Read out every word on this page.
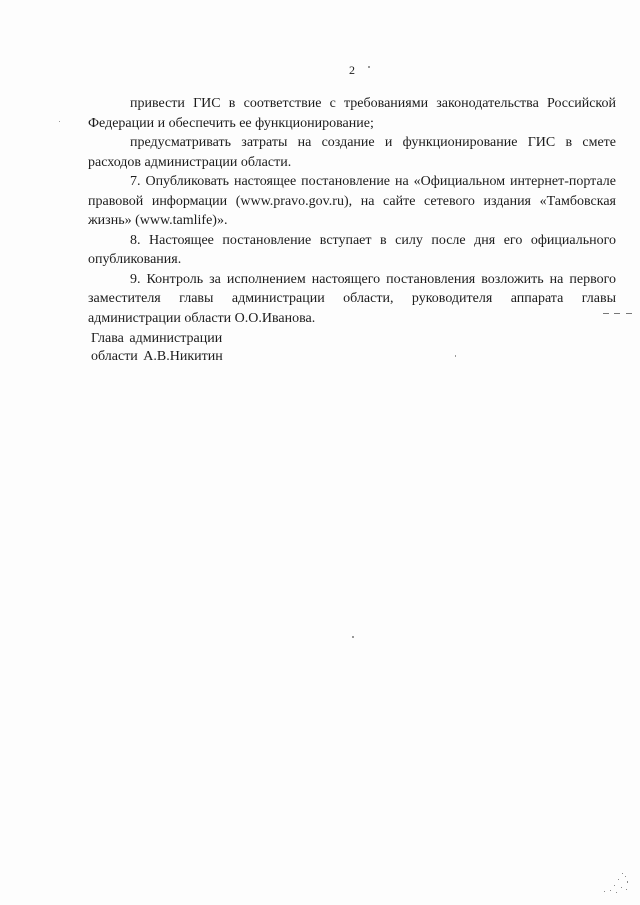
2

привести ГИС в соответствие с требованиями законодательства Российской Федерации и обеспечить ее функционирование;

предусматривать затраты на создание и функционирование ГИС в смете расходов администрации области.

7. Опубликовать настоящее постановление на «Официальном интернет-портале правовой информации (www.pravo.gov.ru), на сайте сетевого издания «Тамбовская жизнь» (www.tamlife)».

8. Настоящее постановление вступает в силу после дня его официального опубликования.

9. Контроль за исполнением настоящего постановления возложить на первого заместителя главы администрации области, руководителя аппарата главы администрации области О.О.Иванова.

Глава администрации
области А.В.Никитин
